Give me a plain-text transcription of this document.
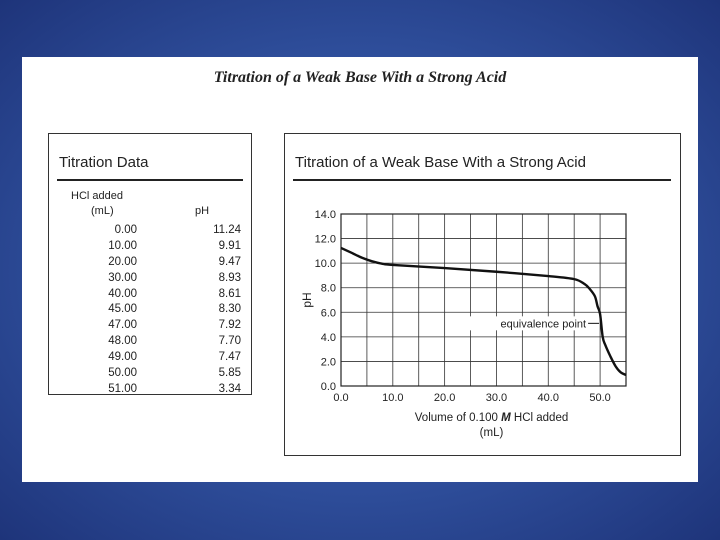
Titration of a Weak Base With a Strong Acid
Titration Data
HCl added
(mL)	pH
0.00	11.24
10.00	9.91
20.00	9.47
30.00	8.93
40.00	8.61
45.00	8.30
47.00	7.92
48.00	7.70
49.00	7.47
50.00	5.85
51.00	3.34
Titration of a Weak Base With a Strong Acid
0.0
2.0
4.0
6.0
8.0
10.0
12.0
14.0
0.0	10.0	20.0	30.0	40.0	50.0
pH
Volume of 0.100 M HCl added
(mL)
equivalence point
